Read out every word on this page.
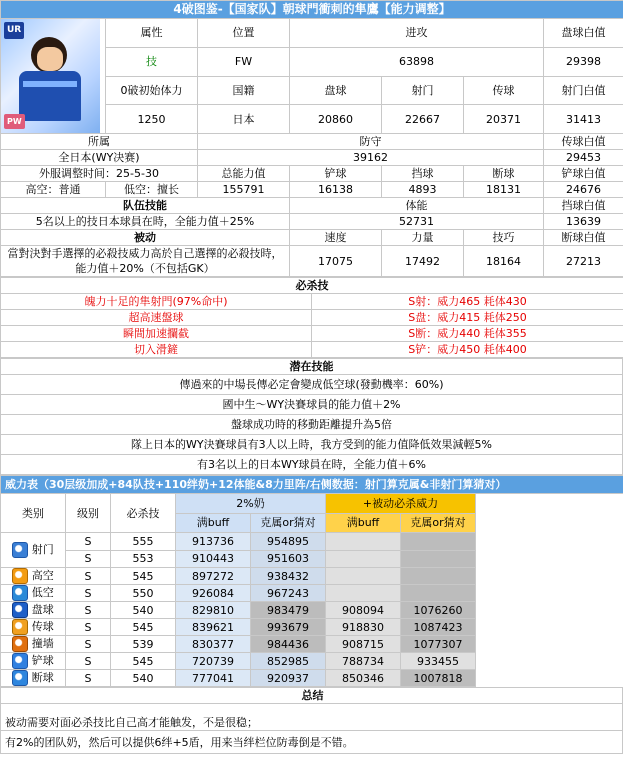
4破图鉴-【国家队】朝球門衝刺的隼鷹【能力调整】						

UR
PW	属性	位置	进攻			盘球白值
	技	FW	63898			29398
	0破初始体力	国籍	盘球	射门	传球	射门白值
	1250	日本	20860	22667	20371	31413
所属		防守				传球白值
全日本(WY决赛)		39162				29453
外服调整时间：25-5-30		总能力值	铲球	挡球	断球	铲球白值
高空：普通	低空：擅长	155791	16138	4893	18131	24676
队伍技能			体能			挡球白值
5名以上的技日本球員在時，全能力值＋25%			52731			13639
被动			速度	力量	技巧	断球白值
當對決對手選擇的必殺技威力高於自己選擇的必殺技時，能力值＋20%（不包括GK）			17075	17492	18164	27213
必杀技	
魄力十足的隼射門(97%命中)	S射：威力465 耗体430
超高速盤球	S盘：威力415 耗体250
瞬間加速攔截	S断：威力440 耗体355
切入滑鏟	S铲：威力450 耗体400
潜在技能
傳過來的中場長傳必定會變成低空球(發動機率：60%)
國中生～WY決賽球員的能力值＋2%
盤球成功時的移動距離提升為5倍
隊上日本的WY決賽球員有3人以上時，我方受到的能力值降低效果減輕5%
有3名以上的日本WY球員在時，全能力值＋6%
威力表（30层级加成+84队技+110绊奶+12体能&8力里阵/右侧数据：射门算克属&非射门算猜对）							
类别	级别	必杀技	2%奶		+被动必杀威力		
			满buff	克属or猜对	满buff	克属or猜对	
射门	S	555	913736	954895			
	S	553	910443	951603			
高空	S	545	897272	938432			
低空	S	550	926084	967243			
盘球	S	540	829810	983479	908094	1076260	
传球	S	545	839621	993679	918830	1087423	
撞墙	S	539	830377	984436	908715	1077307	
铲球	S	545	720739	852985	788734	933455	
断球	S	540	777041	920937	850346	1007818	
总结
被动需要对面必杀技比自己高才能触发，不是很稳；
有2%的团队奶，然后可以提供6绊+5盾，用来当绊栏位防毒倒是不错。
